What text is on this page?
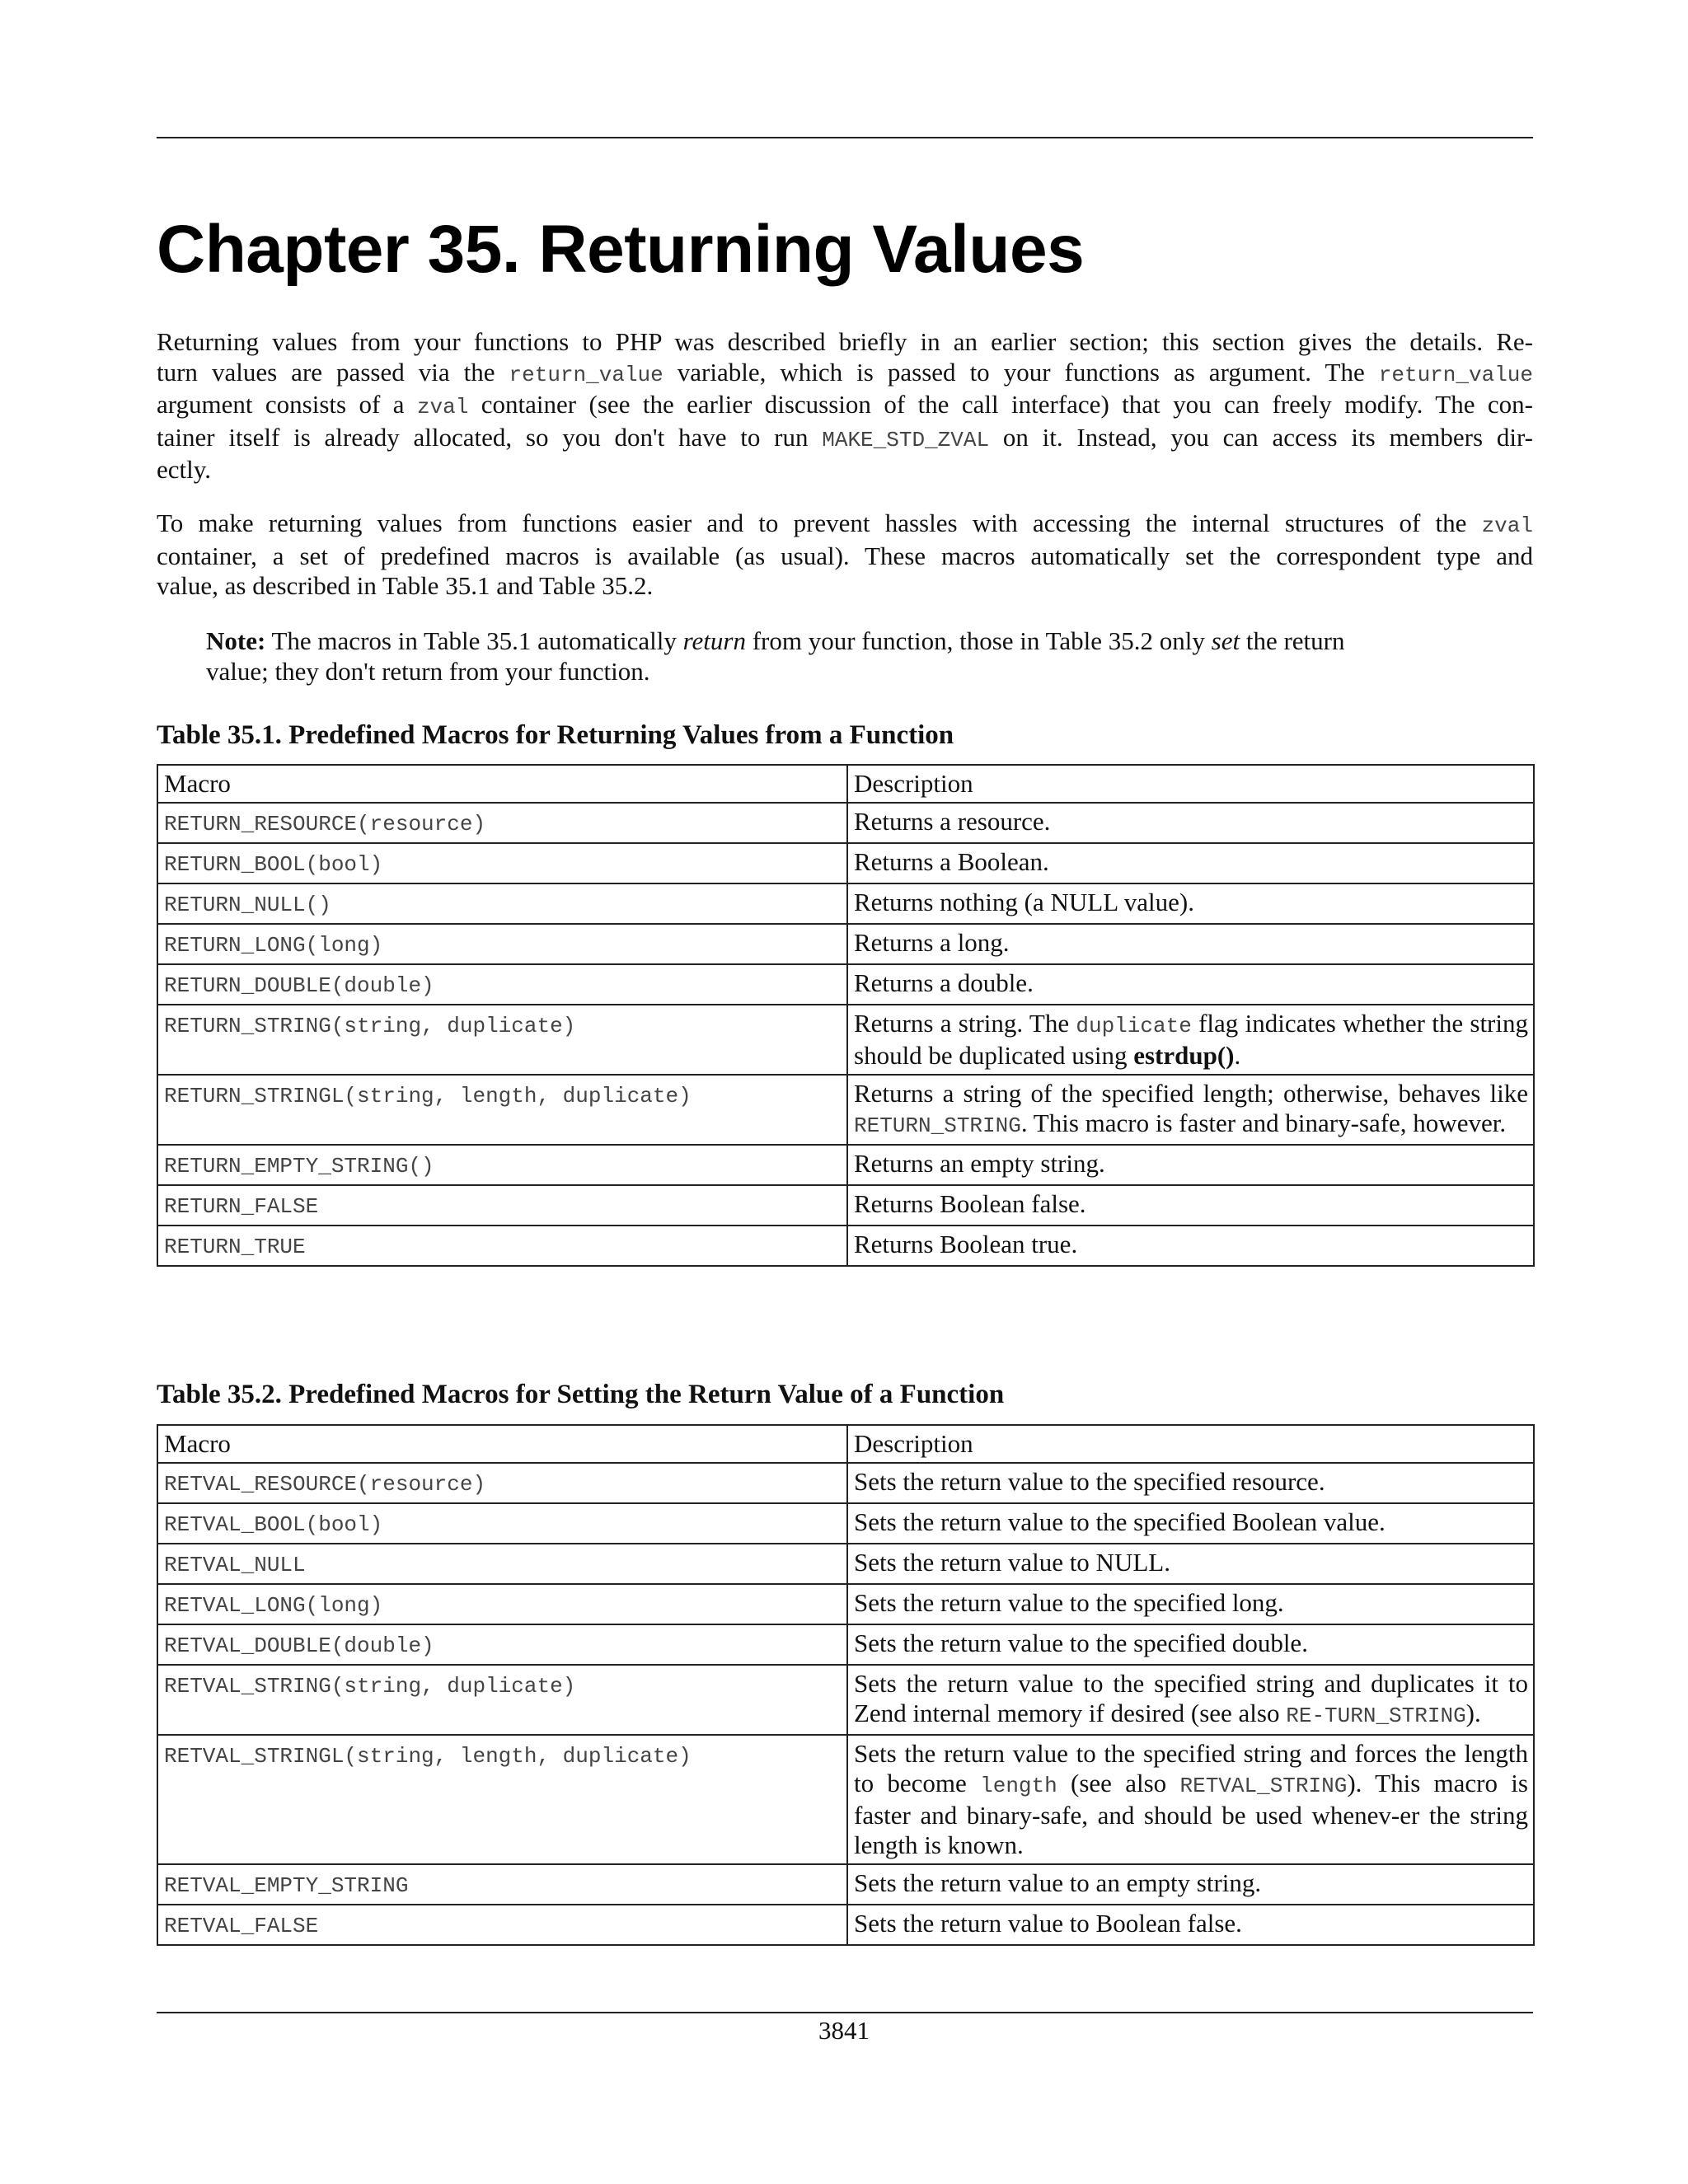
Chapter 35. Returning Values

Returning values from your functions to PHP was described briefly in an earlier section; this section gives the details. Re-
turn values are passed via the return_value variable, which is passed to your functions as argument. The return_value
argument consists of a zval container (see the earlier discussion of the call interface) that you can freely modify. The con-
tainer itself is already allocated, so you don't have to run MAKE_STD_ZVAL on it. Instead, you can access its members dir-
ectly.

To make returning values from functions easier and to prevent hassles with accessing the internal structures of the zval
container, a set of predefined macros is available (as usual). These macros automatically set the correspondent type and
value, as described in Table 35.1 and Table 35.2.

Note: The macros in Table 35.1 automatically return from your function, those in Table 35.2 only set the return
value; they don't return from your function.

Table 35.1. Predefined Macros for Returning Values from a Function
Macro	Description
RETURN_RESOURCE(resource)	Returns a resource.
RETURN_BOOL(bool)	Returns a Boolean.
RETURN_NULL()	Returns nothing (a NULL value).
RETURN_LONG(long)	Returns a long.
RETURN_DOUBLE(double)	Returns a double.
RETURN_STRING(string, duplicate)	Returns a string. The duplicate flag indicates whether the string should be duplicated using estrdup().
RETURN_STRINGL(string, length, duplicate)	Returns a string of the specified length; otherwise, behaves like RETURN_STRING. This macro is faster and binary-safe, however.
RETURN_EMPTY_STRING()	Returns an empty string.
RETURN_FALSE	Returns Boolean false.
RETURN_TRUE	Returns Boolean true.
Table 35.2. Predefined Macros for Setting the Return Value of a Function
Macro	Description
RETVAL_RESOURCE(resource)	Sets the return value to the specified resource.
RETVAL_BOOL(bool)	Sets the return value to the specified Boolean value.
RETVAL_NULL	Sets the return value to NULL.
RETVAL_LONG(long)	Sets the return value to the specified long.
RETVAL_DOUBLE(double)	Sets the return value to the specified double.
RETVAL_STRING(string, duplicate)	Sets the return value to the specified string and duplicates it to Zend internal memory if desired (see also RE-TURN_STRING).
RETVAL_STRINGL(string, length, duplicate)	Sets the return value to the specified string and forces the length to become length (see also RETVAL_STRING). This macro is faster and binary-safe, and should be used whenev-er the string length is known.
RETVAL_EMPTY_STRING	Sets the return value to an empty string.
RETVAL_FALSE	Sets the return value to Boolean false.
3841
